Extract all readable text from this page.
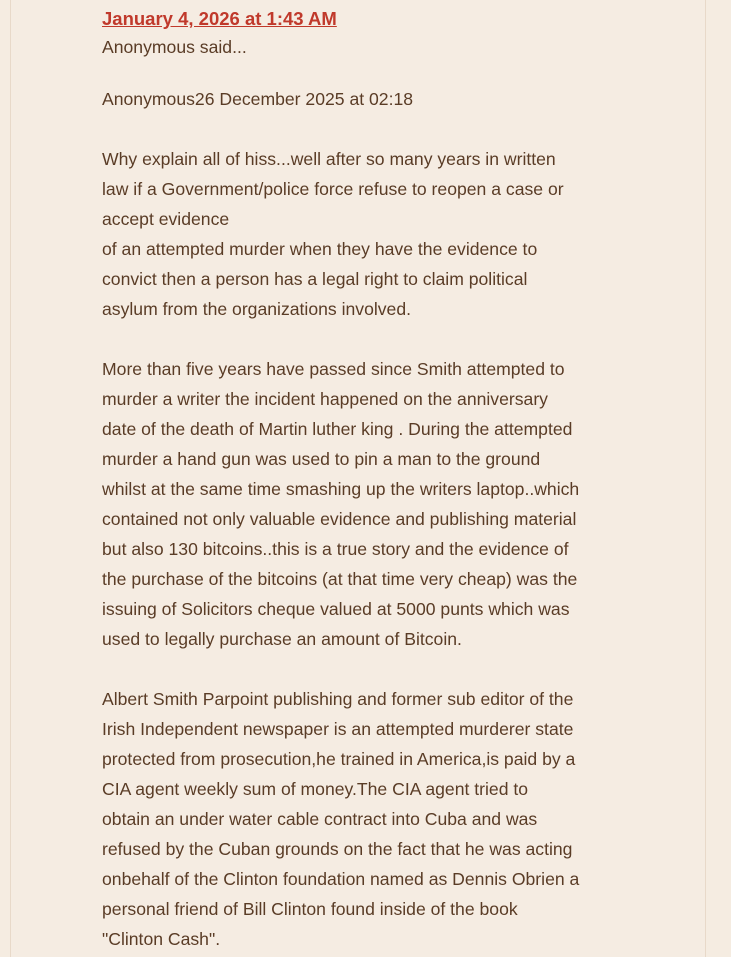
January 4, 2026 at 1:43 AM
Anonymous said...

Anonymous26 December 2025 at 02:18

Why explain all of hiss...well after so many years in written
law if a Government/police force refuse to reopen a case or
accept evidence
of an attempted murder when they have the evidence to
convict then a person has a legal right to claim political
asylum from the organizations involved.

More than five years have passed since Smith attempted to
murder a writer the incident happened on the anniversary
date of the death of Martin luther king . During the attempted
murder a hand gun was used to pin a man to the ground
whilst at the same time smashing up the writers laptop..which
contained not only valuable evidence and publishing material
but also 130 bitcoins..this is a true story and the evidence of
the purchase of the bitcoins (at that time very cheap) was the
issuing of Solicitors cheque valued at 5000 punts which was
used to legally purchase an amount of Bitcoin.

Albert Smith Parpoint publishing and former sub editor of the
Irish Independent newspaper is an attempted murderer state
protected from prosecution,he trained in America,is paid by a
CIA agent weekly sum of money.The CIA agent tried to
obtain an under water cable contract into Cuba and was
refused by the Cuban grounds on the fact that he was acting
onbehalf of the Clinton foundation named as Dennis Obrien a
personal friend of Bill Clinton found inside of the book
"Clinton Cash".
